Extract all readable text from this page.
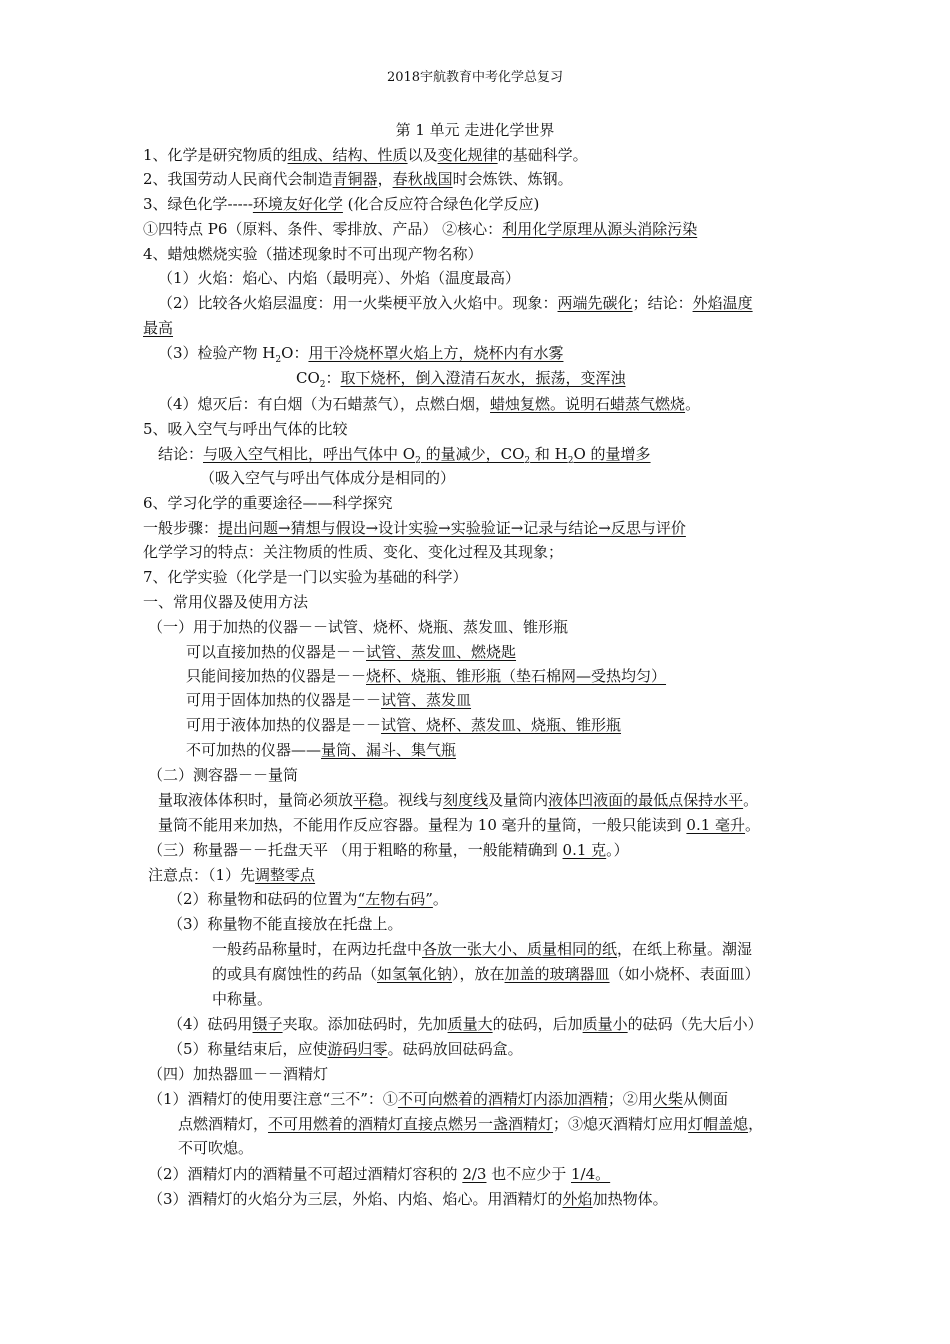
2018宇航教育中考化学总复习
第 1 单元 走进化学世界
1、化学是研究物质的组成、结构、性质以及变化规律的基础科学。
2、我国劳动人民商代会制造青铜器，春秋战国时会炼铁、炼钢。
3、绿色化学-----环境友好化学 (化合反应符合绿色化学反应)
①四特点 P6（原料、条件、零排放、产品） ②核心：利用化学原理从源头消除污染
4、蜡烛燃烧实验（描述现象时不可出现产物名称）
（1）火焰：焰心、内焰（最明亮）、外焰（温度最高）
（2）比较各火焰层温度：用一火柴梗平放入火焰中。现象：两端先碳化；结论：外焰温度
最高
（3）检验产物 $H_2O$：用干冷烧杯罩火焰上方，烧杯内有水雾
$CO_2$：取下烧杯，倒入澄清石灰水，振荡，变浑浊
（4）熄灭后：有白烟（为石蜡蒸气），点燃白烟，蜡烛复燃。说明石蜡蒸气燃烧。
5、吸入空气与呼出气体的比较
结论：与吸入空气相比，呼出气体中 $O_2$ 的量减少，$CO_2$ 和 $H_2O$ 的量增多
（吸入空气与呼出气体成分是相同的）
6、学习化学的重要途径——科学探究
一般步骤：提出问题→猜想与假设→设计实验→实验验证→记录与结论→反思与评价
化学学习的特点：关注物质的性质、变化、变化过程及其现象；
7、化学实验（化学是一门以实验为基础的科学）
一、常用仪器及使用方法
（一）用于加热的仪器－－试管、烧杯、烧瓶、蒸发皿、锥形瓶
可以直接加热的仪器是－－试管、蒸发皿、燃烧匙
只能间接加热的仪器是－－烧杯、烧瓶、锥形瓶（垫石棉网—受热均匀）
可用于固体加热的仪器是－－试管、蒸发皿
可用于液体加热的仪器是－－试管、烧杯、蒸发皿、烧瓶、锥形瓶
不可加热的仪器——量筒、漏斗、集气瓶
（二）测容器－－量筒
量取液体体积时，量筒必须放平稳。视线与刻度线及量筒内液体凹液面的最低点保持水平。
量筒不能用来加热，不能用作反应容器。量程为 10 毫升的量筒，一般只能读到 0.1 毫升。
（三）称量器－－托盘天平 （用于粗略的称量，一般能精确到 0.1 克。）
注意点：（1）先调整零点
（2）称量物和砝码的位置为“左物右码”。
（3）称量物不能直接放在托盘上。
一般药品称量时，在两边托盘中各放一张大小、质量相同的纸，在纸上称量。潮湿
的或具有腐蚀性的药品（如氢氧化钠），放在加盖的玻璃器皿（如小烧杯、表面皿）
中称量。
（4）砝码用镊子夹取。添加砝码时，先加质量大的砝码，后加质量小的砝码（先大后小）
（5）称量结束后，应使游码归零。砝码放回砝码盒。
（四）加热器皿－－酒精灯
（1）酒精灯的使用要注意“三不”：①不可向燃着的酒精灯内添加酒精；②用火柴从侧面
点燃酒精灯，不可用燃着的酒精灯直接点燃另一盏酒精灯；③熄灭酒精灯应用灯帽盖熄，
不可吹熄。
（2）酒精灯内的酒精量不可超过酒精灯容积的 2/3 也不应少于 1/4。
（3）酒精灯的火焰分为三层，外焰、内焰、焰心。用酒精灯的外焰加热物体。
